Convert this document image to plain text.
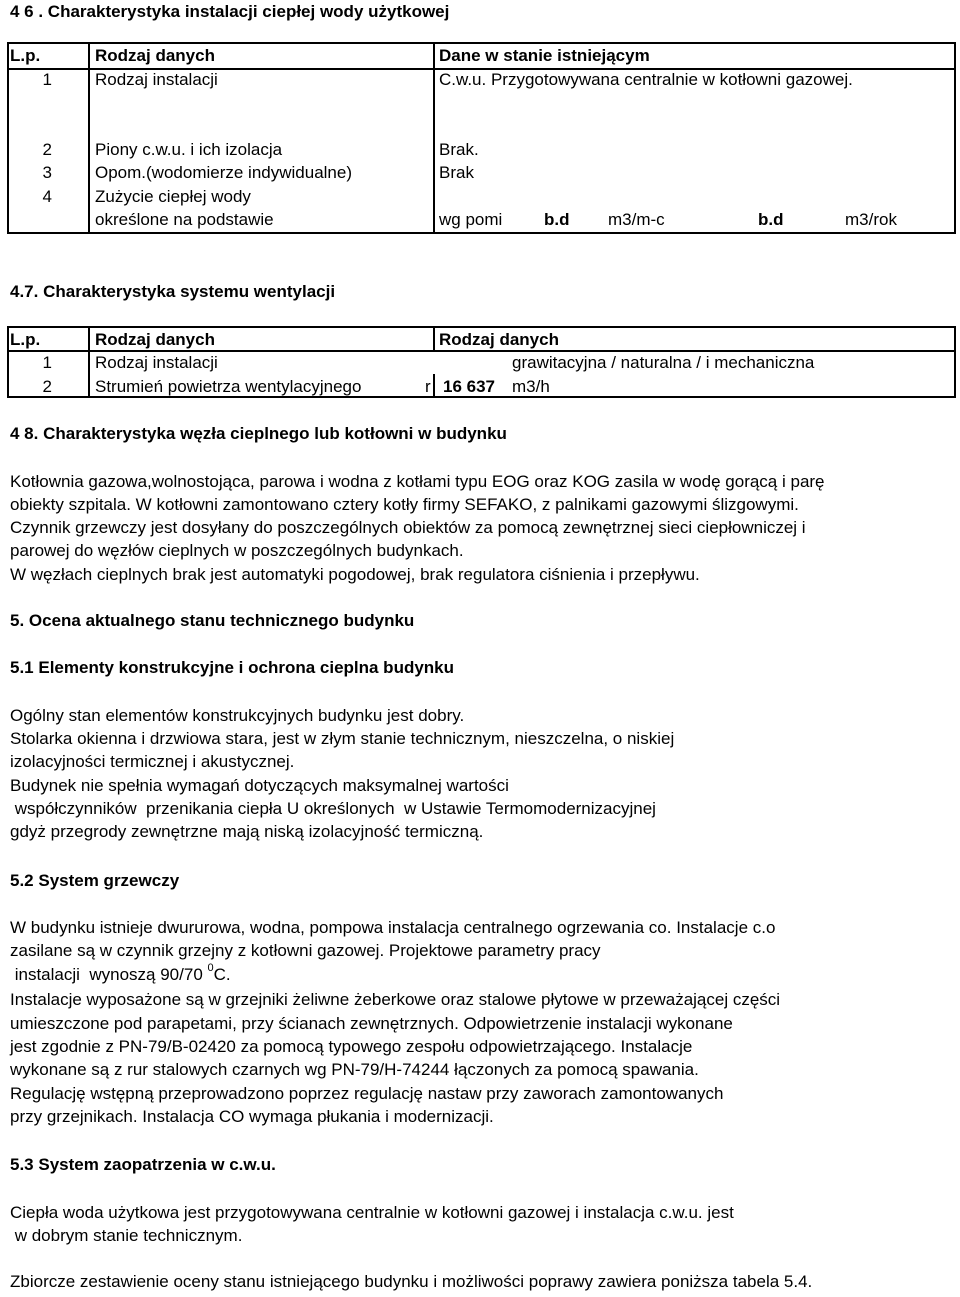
4 6 . Charakterystyka instalacji ciepłej wody użytkowej
L.p.	Rodzaj danych	Dane w stanie istniejącym
1	Rodzaj instalacji	C.w.u. Przygotowywana centralnie w kotłowni gazowej.
2	Piony c.w.u. i ich izolacja	Brak.
3	Opom.(wodomierze indywidualne)	Brak
4	Zużycie ciepłej wody
określone na podstawie	wg pomi b.d m3/m-c	b.d	m3/rok
4.7. Charakterystyka systemu wentylacji
L.p.	Rodzaj danych	Rodzaj danych
1	Rodzaj instalacji	grawitacyjna / naturalna / i mechaniczna
2	Strumień powietrza wentylacyjnego	r 16 637 m3/h
4 8. Charakterystyka węzła cieplnego lub kotłowni w budynku
Kotłownia gazowa,wolnostojąca, parowa i wodna z kotłami typu EOG oraz KOG zasila w wodę gorącą i parę
obiekty szpitala. W kotłowni zamontowano cztery kotły firmy SEFAKO, z palnikami gazowymi ślizgowymi.
Czynnik grzewczy jest dosyłany do poszczególnych obiektów za pomocą zewnętrznej sieci ciepłowniczej i
parowej do węzłów cieplnych w poszczególnych budynkach.
W węzłach cieplnych brak jest automatyki pogodowej, brak regulatora ciśnienia i przepływu.
5. Ocena aktualnego stanu technicznego budynku
5.1 Elementy konstrukcyjne i ochrona cieplna budynku
Ogólny stan elementów konstrukcyjnych budynku jest dobry.
Stolarka okienna i drzwiowa stara, jest w złym stanie technicznym, nieszczelna, o niskiej
izolacyjności termicznej i akustycznej.
Budynek nie spełnia wymagań dotyczących maksymalnej wartości
współczynników  przenikania ciepła U określonych  w Ustawie Termomodernizacyjnej
gdyż przegrody zewnętrzne mają niską izolacyjność termiczną.
5.2 System grzewczy
W budynku istnieje dwururowa, wodna, pompowa instalacja centralnego ogrzewania co. Instalacje c.o
zasilane są w czynnik grzejny z kotłowni gazowej. Projektowe parametry pracy
instalacji  wynoszą 90/70 $^0$C.
Instalacje wyposażone są w grzejniki żeliwne żeberkowe oraz stalowe płytowe w przeważającej części
umieszczone pod parapetami, przy ścianach zewnętrznych. Odpowietrzenie instalacji wykonane
jest zgodnie z PN-79/B-02420 za pomocą typowego zespołu odpowietrzającego. Instalacje
wykonane są z rur stalowych czarnych wg PN-79/H-74244 łączonych za pomocą spawania.
Regulację wstępną przeprowadzono poprzez regulację nastaw przy zaworach zamontowanych
przy grzejnikach. Instalacja CO wymaga płukania i modernizacji.
5.3 System zaopatrzenia w c.w.u.
Ciepła woda użytkowa jest przygotowywana centralnie w kotłowni gazowej i instalacja c.w.u. jest
w dobrym stanie technicznym.
Zbiorcze zestawienie oceny stanu istniejącego budynku i możliwości poprawy zawiera poniższa tabela 5.4.
